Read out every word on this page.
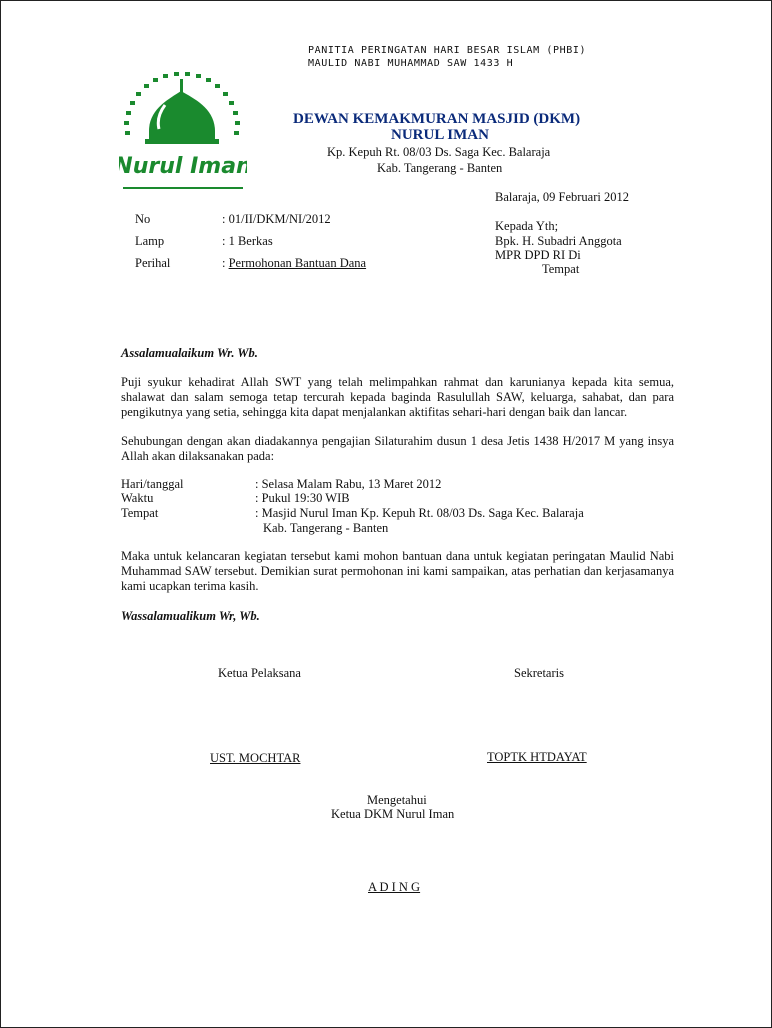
PANITIA PERINGATAN HARI BESAR ISLAM (PHBI)
MAULID NABI MUHAMMAD SAW 1433 H
Nurul Iman
DEWAN KEMAKMURAN MASJID (DKM)
NURUL IMAN
Kp. Kepuh Rt. 08/03 Ds. Saga Kec. Balaraja
Kab. Tangerang - Banten
Balaraja, 09 Februari 2012
No	: 01/II/DKM/NI/2012
Lamp	: 1 Berkas
Perihal	: Permohonan Bantuan Dana
Kepada Yth;
Bpk. H. Subadri Anggota
MPR DPD RI Di
Tempat
Assalamualaikum Wr. Wb.
Puji syukur kehadirat Allah SWT yang telah melimpahkan rahmat dan karunianya kepada kita semua, shalawat dan salam semoga tetap tercurah kepada baginda Rasulullah SAW, keluarga, sahabat, dan para pengikutnya yang setia, sehingga kita dapat menjalankan aktifitas sehari-hari dengan baik dan lancar.
Sehubungan dengan akan diadakannya pengajian Silaturahim dusun 1 desa Jetis 1438 H/2017 M yang insya Allah akan dilaksanakan pada:
Hari/tanggal	: Selasa Malam Rabu, 13 Maret 2012
Waktu	: Pukul 19:30 WIB
Tempat	: Masjid Nurul Iman Kp. Kepuh Rt. 08/03 Ds. Saga Kec. Balaraja
Kab. Tangerang - Banten
Maka untuk kelancaran kegiatan tersebut kami mohon bantuan dana untuk kegiatan peringatan Maulid Nabi Muhammad SAW tersebut. Demikian surat permohonan ini kami sampaikan, atas perhatian dan kerjasamanya kami ucapkan terima kasih.
Wassalamualikum Wr, Wb.
Ketua Pelaksana	Sekretaris
UST. MOCHTAR	TOPTK HTDAYAT
Mengetahui
Ketua DKM Nurul Iman
A D I N G
